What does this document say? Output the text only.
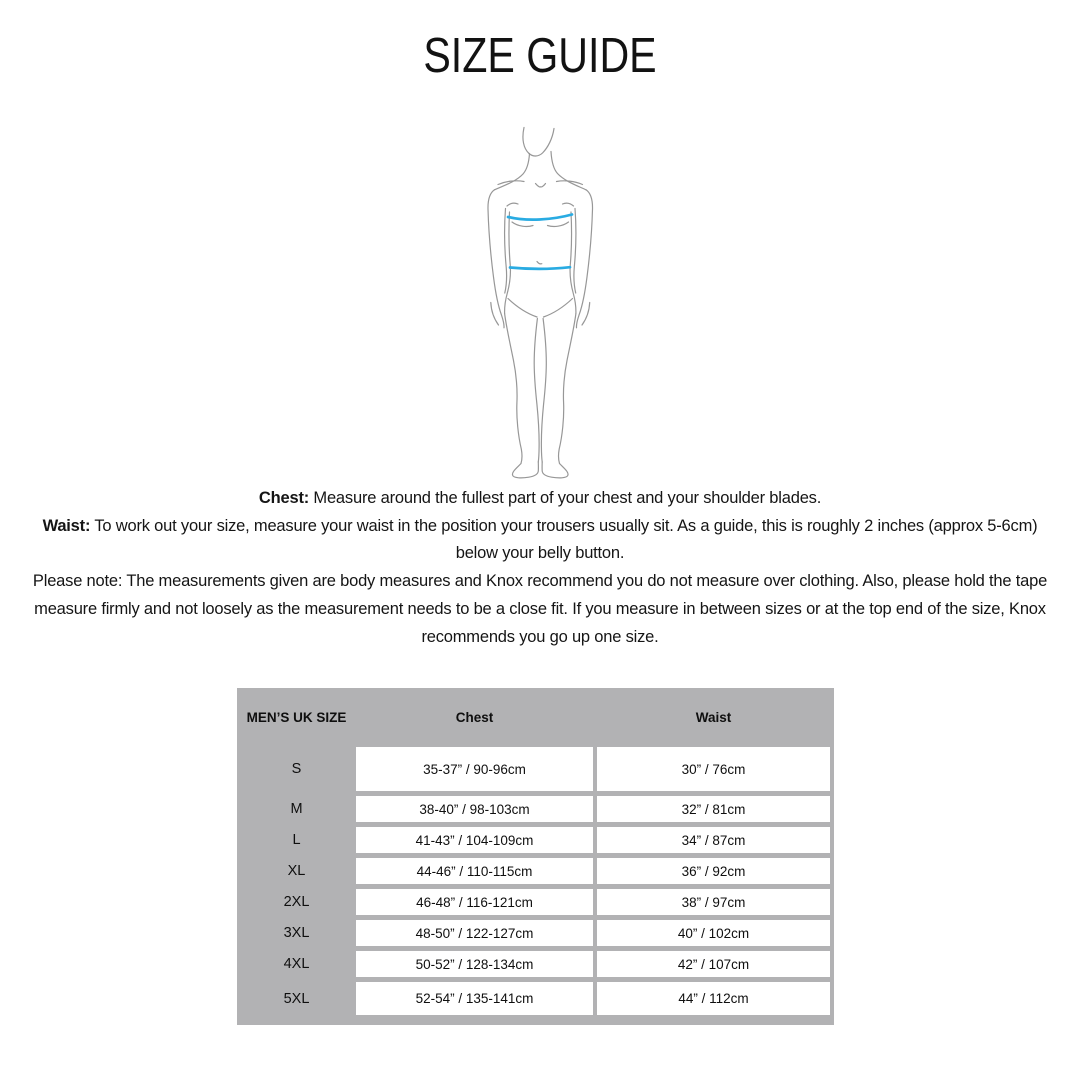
SIZE GUIDE

Chest: Measure around the fullest part of your chest and your shoulder blades.

Waist: To work out your size, measure your waist in the position your trousers usually sit. As a guide, this is roughly 2 inches (approx 5-6cm)

below your belly button.

Please note: The measurements given are body measures and Knox recommend you do not measure over clothing. Also, please hold the tape

measure firmly and not loosely as the measurement needs to be a close fit. If you measure in between sizes or at the top end of the size, Knox

recommends you go up one size.

MEN’S UK SIZE	Chest	Waist
S	35-37” / 90-96cm	30” / 76cm
M	38-40” / 98-103cm	32” / 81cm
L	41-43” / 104-109cm	34” / 87cm
XL	44-46” / 110-115cm	36” / 92cm
2XL	46-48” / 116-121cm	38” / 97cm
3XL	48-50” / 122-127cm	40” / 102cm
4XL	50-52” / 128-134cm	42” / 107cm
5XL	52-54” / 135-141cm	44” / 112cm
